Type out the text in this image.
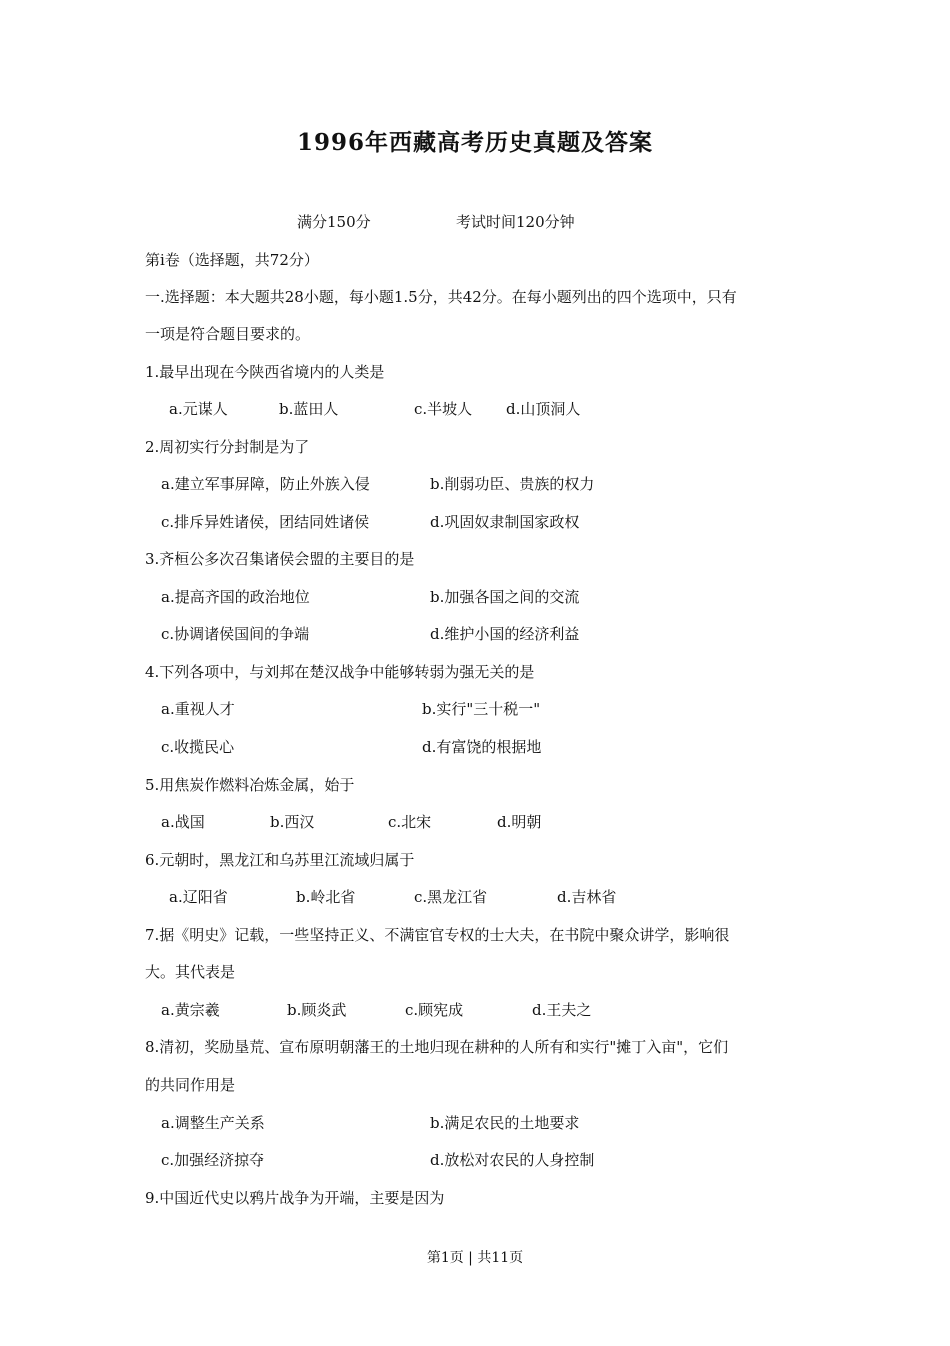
1996年西藏高考历史真题及答案
满分150分	考试时间120分钟
第ⅰ卷（选择题，共72分）
一.选择题：本大题共28小题，每小题1.5分，共42分。在每小题列出的四个选项中，只有
一项是符合题目要求的。
1.最早出现在今陕西省境内的人类是
a.元谋人	b.蓝田人	c.半坡人 d.山顶洞人
2.周初实行分封制是为了
a.建立军事屏障，防止外族入侵	b.削弱功臣、贵族的权力
c.排斥异姓诸侯，团结同姓诸侯	d.巩固奴隶制国家政权
3.齐桓公多次召集诸侯会盟的主要目的是
a.提高齐国的政治地位	b.加强各国之间的交流
c.协调诸侯国间的争端	d.维护小国的经济利益
4.下列各项中，与刘邦在楚汉战争中能够转弱为强无关的是
a.重视人才	b.实行"三十税一"
c.收揽民心	d.有富饶的根据地
5.用焦炭作燃料冶炼金属，始于
a.战国	b.西汉	c.北宋	d.明朝
6.元朝时，黑龙江和乌苏里江流域归属于
a.辽阳省	b.岭北省	c.黑龙江省	d.吉林省
7.据《明史》记载，一些坚持正义、不满宦官专权的士大夫，在书院中聚众讲学，影响很
大。其代表是
a.黄宗羲	b.顾炎武	c.顾宪成	d.王夫之
8.清初，奖励垦荒、宣布原明朝藩王的土地归现在耕种的人所有和实行"摊丁入亩"，它们
的共同作用是
a.调整生产关系	b.满足农民的土地要求
c.加强经济掠夺	d.放松对农民的人身控制
9.中国近代史以鸦片战争为开端，主要是因为
第1页 | 共11页
